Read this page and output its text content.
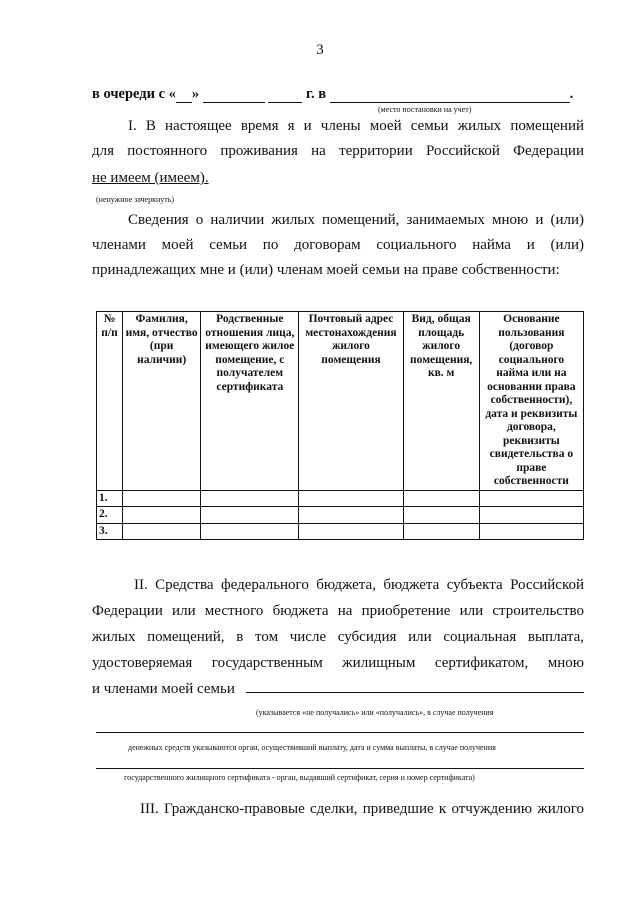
3
в очереди с « »	г. в	.
(место постановки на учет)
I. В настоящее время я и члены моей семьи жилых помещений
для постоянного проживания на территории Российской Федерации
не имеем (имеем).
(ненужное зачеркнуть)
Сведения о наличии жилых помещений, занимаемых мною и (или)
членами моей семьи по договорам социального найма и (или)
принадлежащих мне и (или) членам моей семьи на праве собственности:
№ п/п	Фамилия, имя, отчество (при наличии)	Родственные отношения лица, имеющего жилое помещение, с получателем сертификата	Почтовый адрес местонахождения жилого помещения	Вид, общая площадь жилого помещения, кв. м	Основание пользования (договор социального найма или на основании права собственности), дата и реквизиты договора, реквизиты свидетельства о праве собственности
1.					
2.					
3.					
II. Средства федерального бюджета, бюджета субъекта Российской
Федерации или местного бюджета на приобретение или строительство
жилых помещений, в том числе субсидия или социальная выплата,
удостоверяемая государственным жилищным сертификатом, мною
и членами моей семьи
(указывается «не получались» или «получались», в случае получения
денежных средств указываются орган, осуществивший выплату, дата и сумма выплаты, в случае получения
государственного жилищного сертификата - орган, выдавший сертификат, серия и номер сертификата)
III. Гражданско-правовые сделки, приведшие к отчуждению жилого
